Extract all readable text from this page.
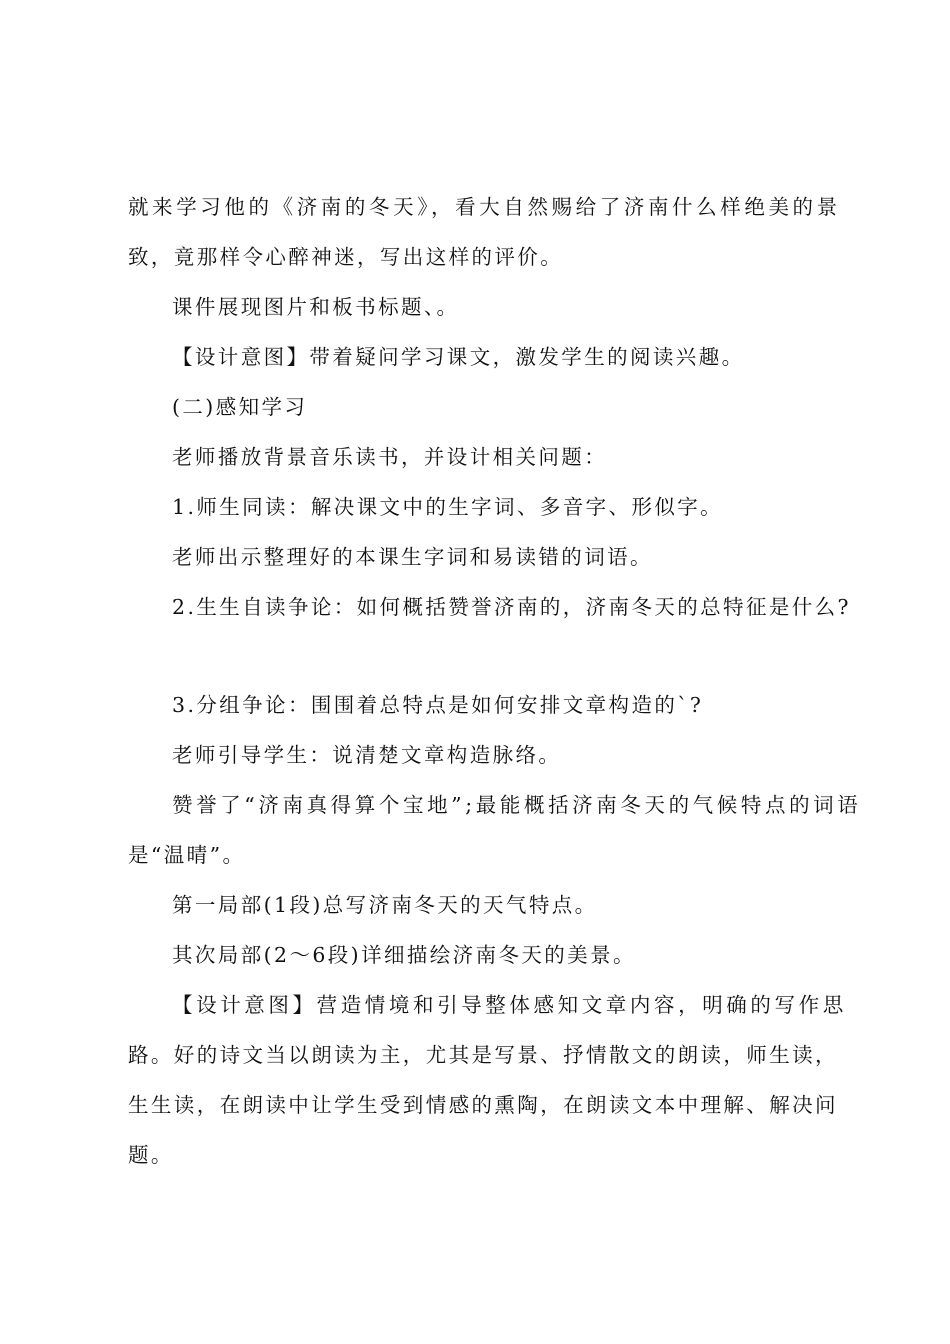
就来学习他的《济南的冬天》，看大自然赐给了济南什么样绝美的景
致，竟那样令心醉神迷，写出这样的评价。
课件展现图片和板书标题、。
【设计意图】带着疑问学习课文，激发学生的阅读兴趣。
(二)感知学习
老师播放背景音乐读书，并设计相关问题：
1.师生同读：解决课文中的生字词、多音字、形似字。
老师出示整理好的本课生字词和易读错的词语。
2.生生自读争论：如何概括赞誉济南的，济南冬天的总特征是什么?
3.分组争论：围围着总特点是如何安排文章构造的`?
老师引导学生：说清楚文章构造脉络。
赞誉了“济南真得算个宝地”;最能概括济南冬天的气候特点的词语
是“温晴”。
第一局部(1段)总写济南冬天的天气特点。
其次局部(2～6段)详细描绘济南冬天的美景。
【设计意图】营造情境和引导整体感知文章内容，明确的写作思
路。好的诗文当以朗读为主，尤其是写景、抒情散文的朗读，师生读，
生生读，在朗读中让学生受到情感的熏陶，在朗读文本中理解、解决问
题。
